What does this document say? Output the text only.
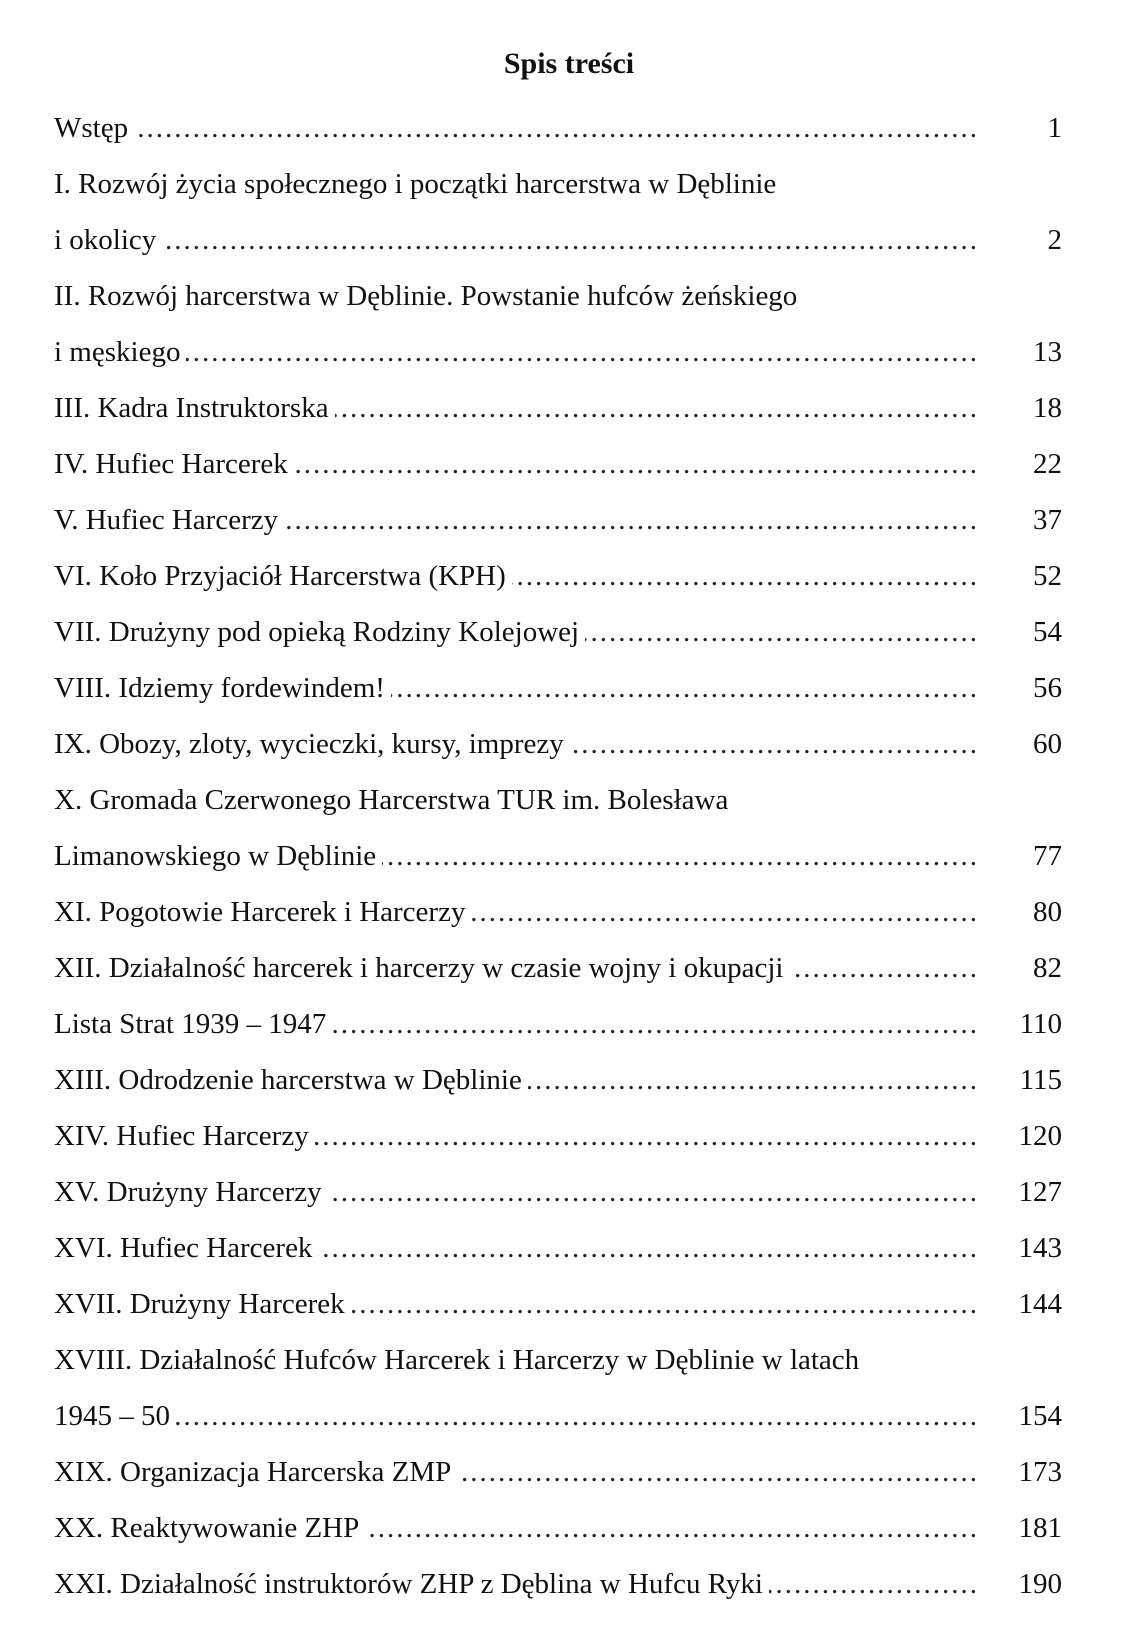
Spis treści
.....
Wstęp	1
I. Rozwój życia społecznego i początki harcerstwa w Dęblinie
.....
i okolicy	2
II. Rozwój harcerstwa w Dęblinie. Powstanie hufców żeńskiego
.....
i męskiego	13
.....
III. Kadra Instruktorska	18
.....
IV. Hufiec Harcerek	22
.....
V. Hufiec Harcerzy	37
.....
VI. Koło Przyjaciół Harcerstwa (KPH)	52
.....
VII. Drużyny pod opieką Rodziny Kolejowej	54
.....
VIII. Idziemy fordewindem!	56
.....
IX. Obozy, zloty, wycieczki, kursy, imprezy	60
X. Gromada Czerwonego Harcerstwa TUR im. Bolesława
.....
Limanowskiego w Dęblinie	77
.....
XI. Pogotowie Harcerek i Harcerzy	80
.....
XII. Działalność harcerek i harcerzy w czasie wojny i okupacji	82
.....
Lista Strat 1939 – 1947	110
.....
XIII. Odrodzenie harcerstwa w Dęblinie	115
.....
XIV. Hufiec Harcerzy	120
.....
XV. Drużyny Harcerzy	127
.....
XVI. Hufiec Harcerek	143
.....
XVII. Drużyny Harcerek	144
XVIII. Działalność Hufców Harcerek i Harcerzy w Dęblinie w latach
.....
1945 – 50	154
.....
XIX. Organizacja Harcerska ZMP	173
.....
XX. Reaktywowanie ZHP	181
.....
XXI. Działalność instruktorów ZHP z Dęblina w Hufcu Ryki	190
